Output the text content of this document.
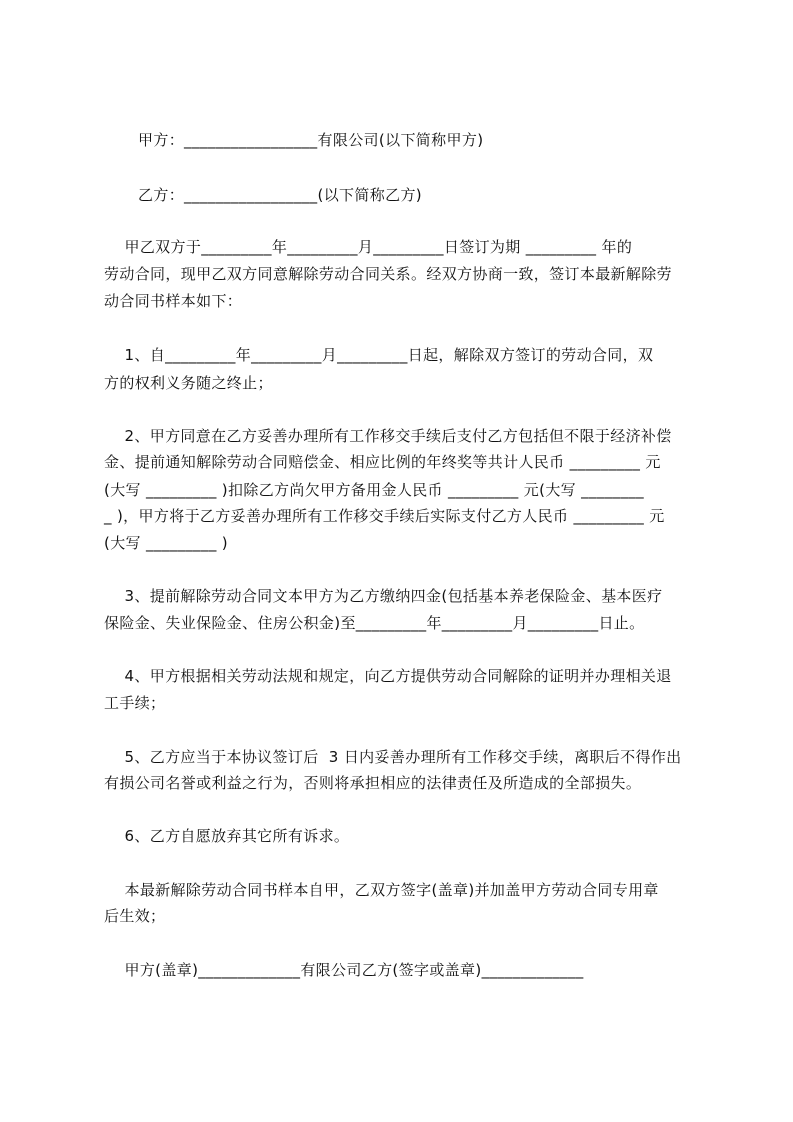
甲方：_________________有限公司(以下简称甲方)
乙方：_________________(以下简称乙方)
甲乙双方于_________年_________月_________日签订为期 _________ 年的
劳动合同，现甲乙双方同意解除劳动合同关系。经双方协商一致，签订本最新解除劳
动合同书样本如下：
1、自_________年_________月_________日起，解除双方签订的劳动合同，双
方的权利义务随之终止；
2、甲方同意在乙方妥善办理所有工作移交手续后支付乙方包括但不限于经济补偿
金、提前通知解除劳动合同赔偿金、相应比例的年终奖等共计人民币 _________ 元
(大写 _________ )扣除乙方尚欠甲方备用金人民币 _________ 元(大写 ________
_ )，甲方将于乙方妥善办理所有工作移交手续后实际支付乙方人民币 _________ 元
(大写 _________ )
3、提前解除劳动合同文本甲方为乙方缴纳四金(包括基本养老保险金、基本医疗
保险金、失业保险金、住房公积金)至_________年_________月_________日止。
4、甲方根据相关劳动法规和规定，向乙方提供劳动合同解除的证明并办理相关退
工手续；
5、乙方应当于本协议签订后  3 日内妥善办理所有工作移交手续，离职后不得作出
有损公司名誉或利益之行为，否则将承担相应的法律责任及所造成的全部损失。
6、乙方自愿放弃其它所有诉求。
本最新解除劳动合同书样本自甲，乙双方签字(盖章)并加盖甲方劳动合同专用章
后生效；
甲方(盖章)_____________有限公司乙方(签字或盖章)_____________
